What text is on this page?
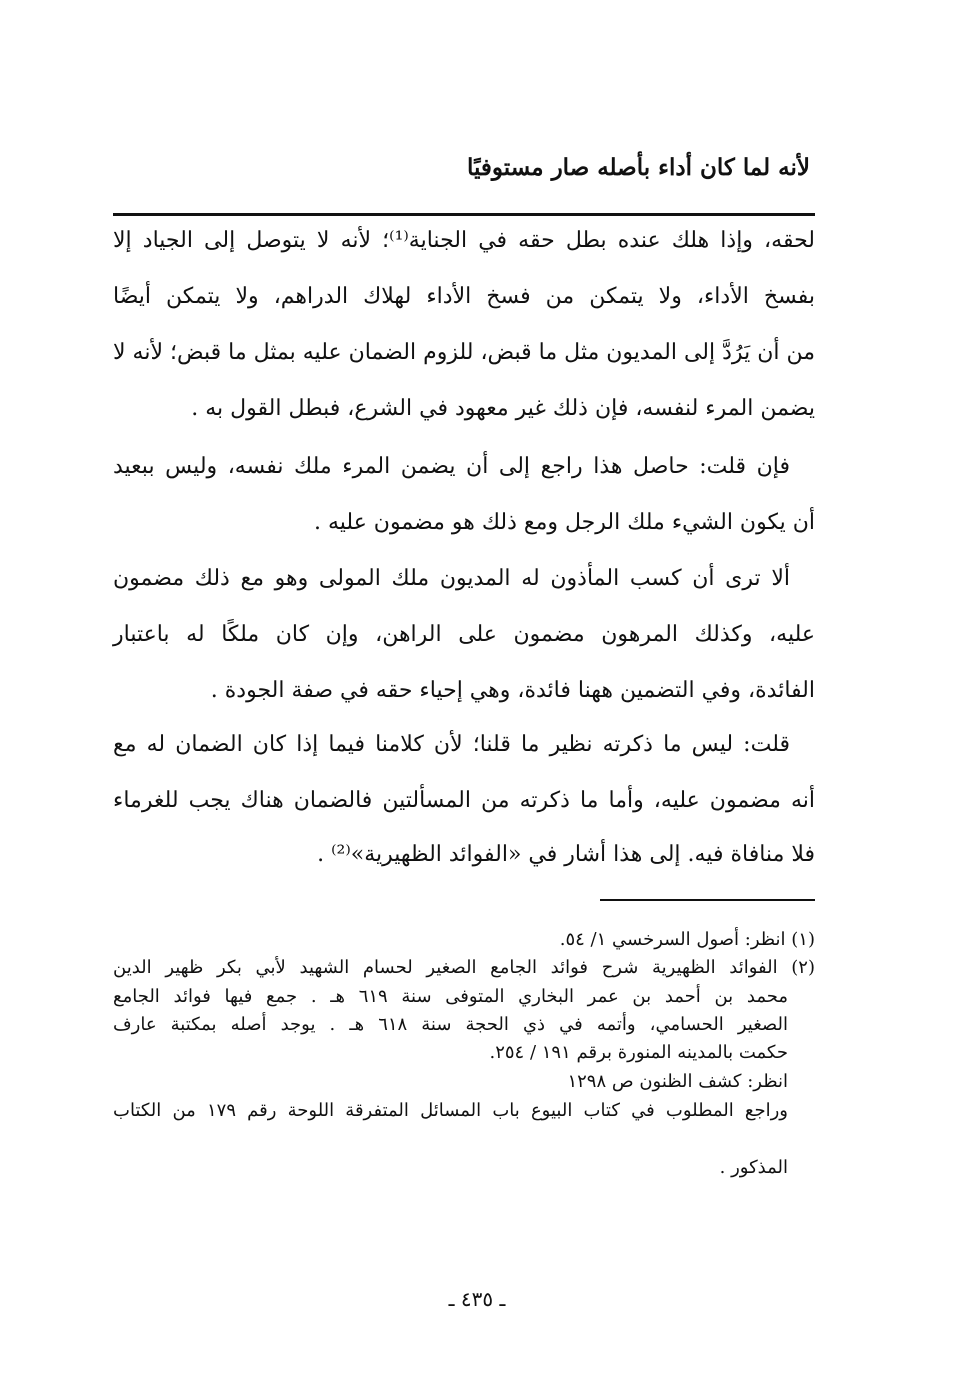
لأنه لما كان أداء بأصله صار مستوفيًا
لحقه، وإذا هلك عنده بطل حقه في الجناية⁽¹⁾؛ لأنه لا يتوصل إلى الجياد إلا
بفسخ الأداء، ولا يتمكن من فسخ الأداء لهلاك الدراهم، ولا يتمكن أيضًا
من أن يَرُدَّ إلى المديون مثل ما قبض، للزوم الضمان عليه بمثل ما قبض؛ لأنه لا
يضمن المرء لنفسه، فإن ذلك غير معهود في الشرع، فبطل القول به .
فإن قلت: حاصل هذا راجع إلى أن يضمن المرء ملك نفسه، وليس ببعيد
أن يكون الشيء ملك الرجل ومع ذلك هو مضمون عليه .
ألا ترى أن كسب المأذون له المديون ملك المولى وهو مع ذلك مضمون
عليه، وكذلك المرهون مضمون على الراهن، وإن كان ملكًا له باعتبار
الفائدة، وفي التضمين ههنا فائدة، وهي إحياء حقه في صفة الجودة .
قلت: ليس ما ذكرته نظير ما قلنا؛ لأن كلامنا فيما إذا كان الضمان له مع
أنه مضمون عليه، وأما ما ذكرته من المسألتين فالضمان هناك يجب للغرماء
فلا منافاة فيه. إلى هذا أشار في «الفوائد الظهيرية»⁽²⁾ .
(١) انظر: أصول السرخسي ١/ ٥٤.
(٢) الفوائد الظهيرية شرح فوائد الجامع الصغير لحسام الشهيد لأبي بكر ظهير الدين
محمد بن أحمد بن عمر البخاري المتوفى سنة ٦١٩ هـ . جمع فيها فوائد الجامع
الصغير الحسامي، وأتمه في ذي الحجة سنة ٦١٨ هـ . يوجد أصله بمكتبة عارف
حكمت بالمدينه المنورة برقم ١٩١ / ٢٥٤.
انظر: كشف الظنون ص ١٢٩٨
وراجع المطلوب في كتاب البيوع باب المسائل المتفرقة اللوحة رقم ١٧٩ من الكتاب
المذكور .
ـ ٤٣٥ ـ
